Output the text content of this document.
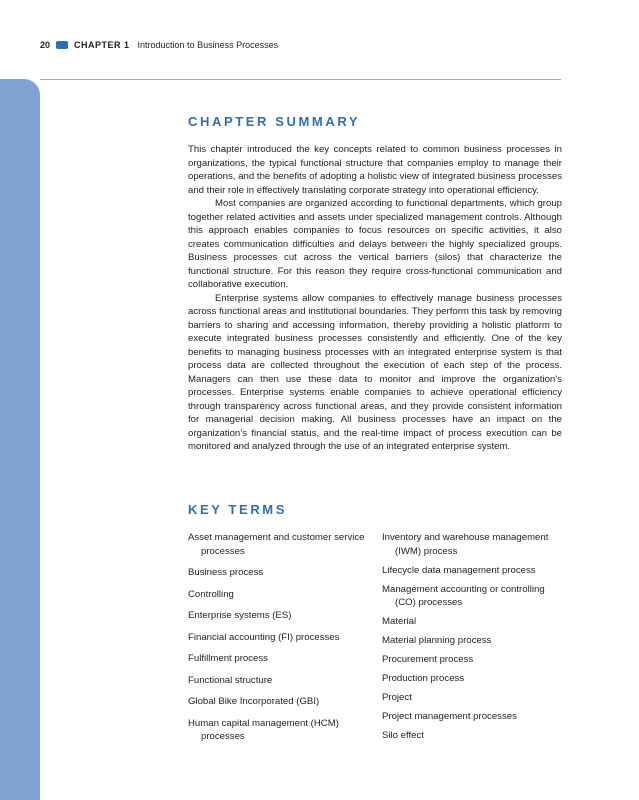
20	CHAPTER 1 Introduction to Business Processes
CHAPTER SUMMARY

This chapter introduced the key concepts related to common business processes in organizations, the typical functional structure that companies employ to manage their operations, and the benefits of adopting a holistic view of integrated business processes and their role in effectively translating corporate strategy into operational efficiency.

Most companies are organized according to functional departments, which group together related activities and assets under specialized management controls. Although this approach enables companies to focus resources on specific activities, it also creates communication difficulties and delays between the highly specialized groups. Business processes cut across the vertical barriers (silos) that characterize the functional structure. For this reason they require cross-functional communication and collaborative execution.

Enterprise systems allow companies to effectively manage business processes across functional areas and institutional boundaries. They perform this task by removing barriers to sharing and accessing information, thereby providing a holistic platform to execute integrated business processes consistently and efficiently. One of the key benefits to managing business processes with an integrated enterprise system is that process data are collected throughout the execution of each step of the process. Managers can then use these data to monitor and improve the organization’s processes. Enterprise systems enable companies to achieve operational efficiency through transparency across functional areas, and they provide consistent information for managerial decision making. All business processes have an impact on the organization’s financial status, and the real-time impact of process execution can be monitored and analyzed through the use of an integrated enterprise system.

KEY TERMS

Asset management and customer service processes

Business process

Controlling

Enterprise systems (ES)

Financial accounting (FI) processes

Fulfillment process

Functional structure

Global Bike Incorporated (GBI)

Human capital management (HCM) processes

Inventory and warehouse management (IWM) process

Lifecycle data management process

Management accounting or controlling (CO) processes

Material

Material planning process

Procurement process

Production process

Project

Project management processes

Silo effect
